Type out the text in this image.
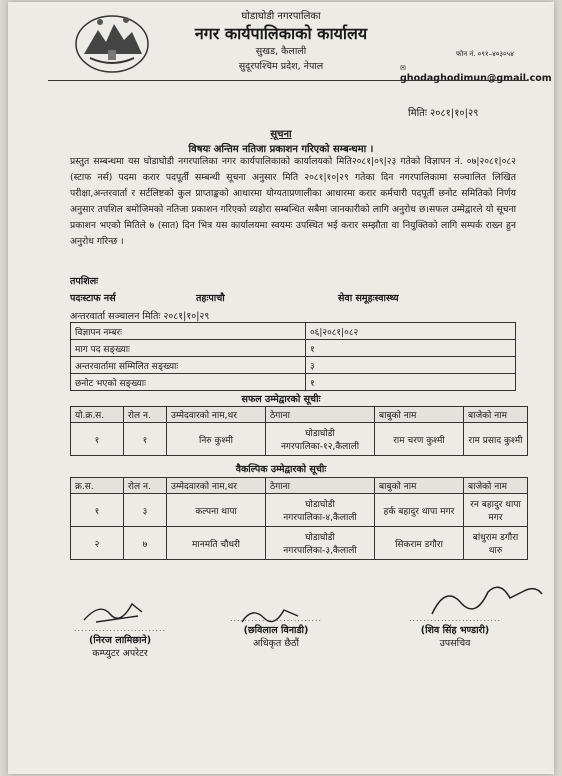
घोडाघोडी नगरपालिका
नगर कार्यपालिकाको कार्यालय
सुखड, कैलाली
सुदूरपश्चिम प्रदेश, नेपाल
फोन नं. ०९१–४०३०५४
✉ ghodaghodimun@gmail.com
मितिः २०८१|१०|२९
सूचना
विषयः अन्तिम नतिजा प्रकाशन गरिएको सम्बन्धमा ।
प्रस्तुत सम्बन्धमा यस घोडाघोडी नगरपालिका नगर कार्यपालिकाको कार्यालयको मिति२०८१|०९|२३ गतेको विज्ञापन नं. ०७|२०८१|०८२ (स्टाफ नर्स) पदमा करार पदपूर्ती सम्बन्धी सूचना अनुसार मिति २०८१|१०|२९ गतेका दिन नगरपालिकामा सञ्चालित लिखित परीक्षा,अन्तरवार्ता र सर्टलिष्टको कुल प्राप्ताङ्कको आधारमा योग्यताप्रणालीका आधारमा करार कर्मचारी पदपूर्ती छनोट समितिको निर्णय अनुसार तपशिल बमोजिमको नतिजा प्रकाशन गरिएको व्यहोरा सम्बन्धित सबैमा जानकारीको लागि अनुरोध छ।सफल उम्मेद्वारले यो सूचना प्रकाशन भएको मितिले ७ (सात) दिन भित्र यस कार्यालयमा स्वयमः उपस्थित भई करार सम्झौता वा नियुक्तिको लागि सम्पर्क राख्न हुन अनुरोध गरिन्छ ।
तपशिलः
पदःस्टाफ नर्स	तहःपाचौ	सेवा समूहःस्वास्थ्य
अन्तरवार्ता सञ्चालन मितिः २०८१|१०|२९
विज्ञापन नम्बरः	०६|२०८१|०८२
माग पद सङ्ख्याः	१
अन्तरवार्तामा सम्मिलित सङ्ख्याः	३
छनोट भएको सङ्ख्याः	१
सफल उम्मेद्वारको सूचीः
यो.क्र.स.	रोल न.	उम्मेदवारको नाम,थर	ठेगाना	बाबुको नाम	बाजेको नाम
१	१	निरु कुश्मी	घोडाघोडी नगरपालिका-१२,कैलाली	राम चरण कुश्मी	राम प्रसाद कुश्मी
वैकल्पिक उम्मेद्वारको सूचीः
क्र.स.	रोल न.	उम्मेदवारको नाम,थर	ठेगाना	बाबुको नाम	बाजेको नाम
१	३	कल्पना थापा	घोडाघोडी नगरपालिका-४,कैलाली	हर्क बहादुर थापा मगर	रन बहादुर थापा मगर
२	७	मानमति चौधरी	घोडाघोडी नगरपालिका-३,कैलाली	सिकराम डगौरा	बांधुराम डगौरा थारु
..........................
(निरज लामिछाने)
कम्प्युटर अपरेटर
..........................
(छविलाल विनाडी)
अधिकृत छैठौं
..........................
(शिव सिंह भण्डारी)
उपसचिव
